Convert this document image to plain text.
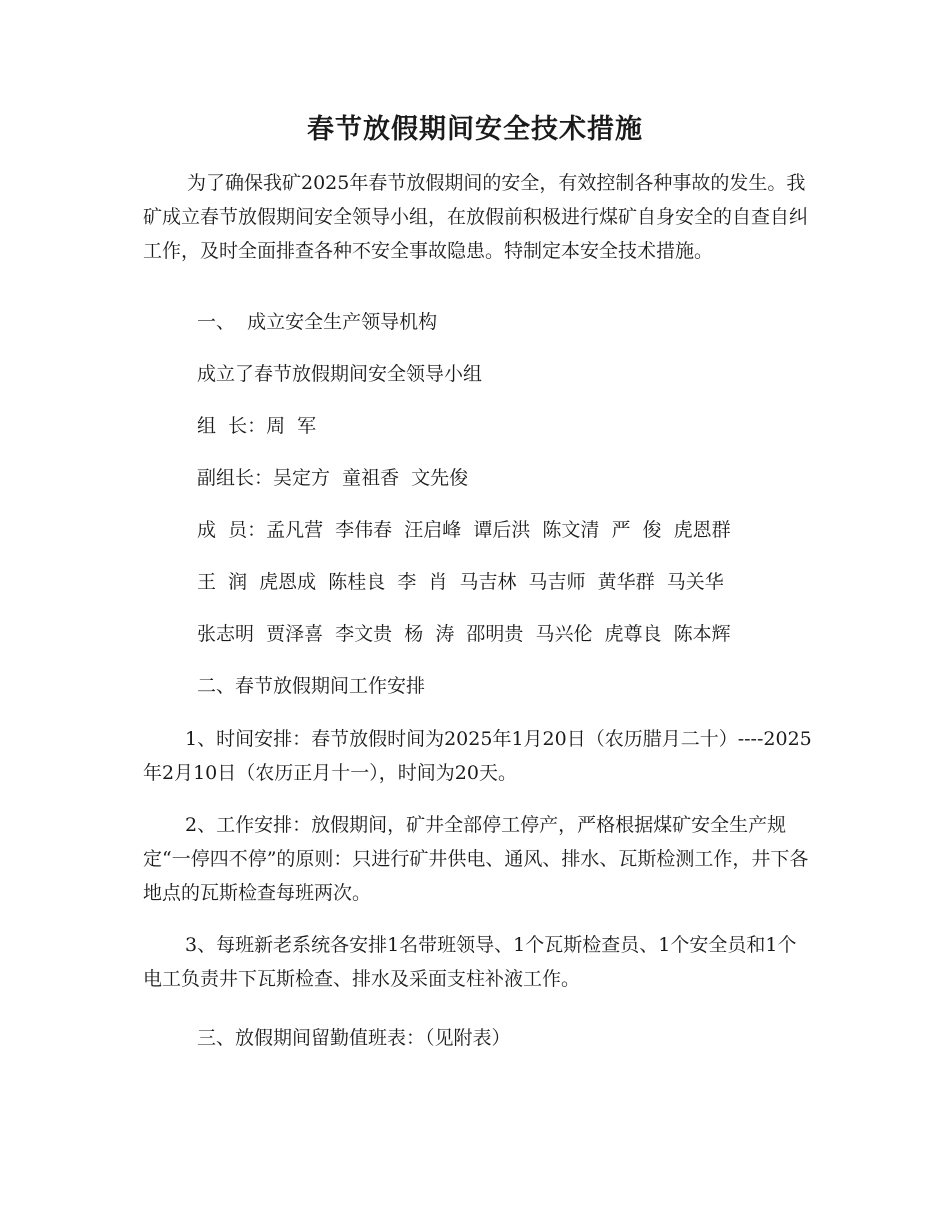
春节放假期间安全技术措施

为了确保我矿2025年春节放假期间的安全，有效控制各种事故的发生。我矿成立春节放假期间安全领导小组，在放假前积极进行煤矿自身安全的自查自纠工作，及时全面排查各种不安全事故隐患。特制定本安全技术措施。

一、  成立安全生产领导机构
成立了春节放假期间安全领导小组
组  长：周  军
副组长：吴定方  童祖香  文先俊
成  员：孟凡营  李伟春  汪启峰  谭后洪  陈文清  严  俊  虎恩群
王  润  虎恩成  陈桂良  李  肖  马吉林  马吉师  黄华群  马关华
张志明  贾泽喜  李文贵  杨  涛  邵明贵  马兴伦  虎尊良  陈本辉
二、春节放假期间工作安排

1、时间安排：春节放假时间为2025年1月20日（农历腊月二十）----2025年2月10日（农历正月十一），时间为20天。

2、工作安排：放假期间，矿井全部停工停产，严格根据煤矿安全生产规定“一停四不停”的原则：只进行矿井供电、通风、排水、瓦斯检测工作，井下各地点的瓦斯检查每班两次。

3、每班新老系统各安排1名带班领导、1个瓦斯检查员、1个安全员和1个电工负责井下瓦斯检查、排水及采面支柱补液工作。

三、放假期间留勤值班表：（见附表）
